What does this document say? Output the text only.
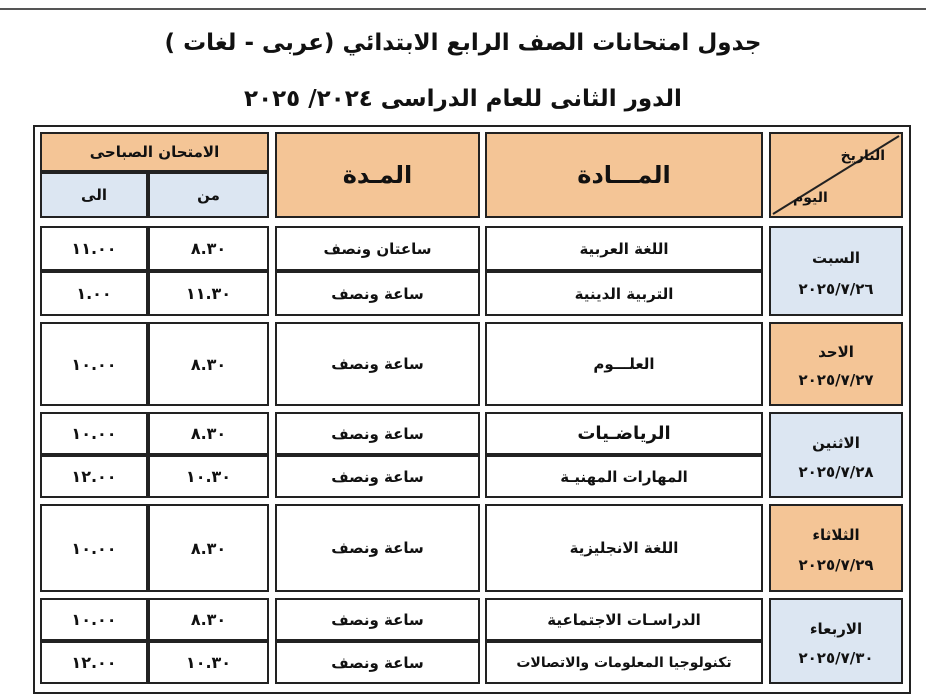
جدول امتحانات الصف الرابع الابتدائي (عربى - لغات )
الدور الثانى للعام الدراسى ٢٠٢٤/ ٢٠٢٥
التاريخ
اليوم
المـــادة
المـدة
الامتحان الصباحى
من
الى
السبت
٢٠٢٥/٧/٢٦
اللغة العربية
ساعتان ونصف
٨.٣٠
١١.٠٠
التربية الدينية
ساعة ونصف
١١.٣٠
١.٠٠
الاحد
٢٠٢٥/٧/٢٧
العلـــوم
ساعة ونصف
٨.٣٠
١٠.٠٠
الاثنين
٢٠٢٥/٧/٢٨
الرياضـيات
ساعة ونصف
٨.٣٠
١٠.٠٠
المهارات المهنيـة
ساعة ونصف
١٠.٣٠
١٢.٠٠
الثلاثاء
٢٠٢٥/٧/٢٩
اللغة الانجليزية
ساعة ونصف
٨.٣٠
١٠.٠٠
الاربعاء
٢٠٢٥/٧/٣٠
الدراسـات الاجتماعية
ساعة ونصف
٨.٣٠
١٠.٠٠
تكنولوجيا المعلومات والاتصالات
ساعة ونصف
١٠.٣٠
١٢.٠٠
